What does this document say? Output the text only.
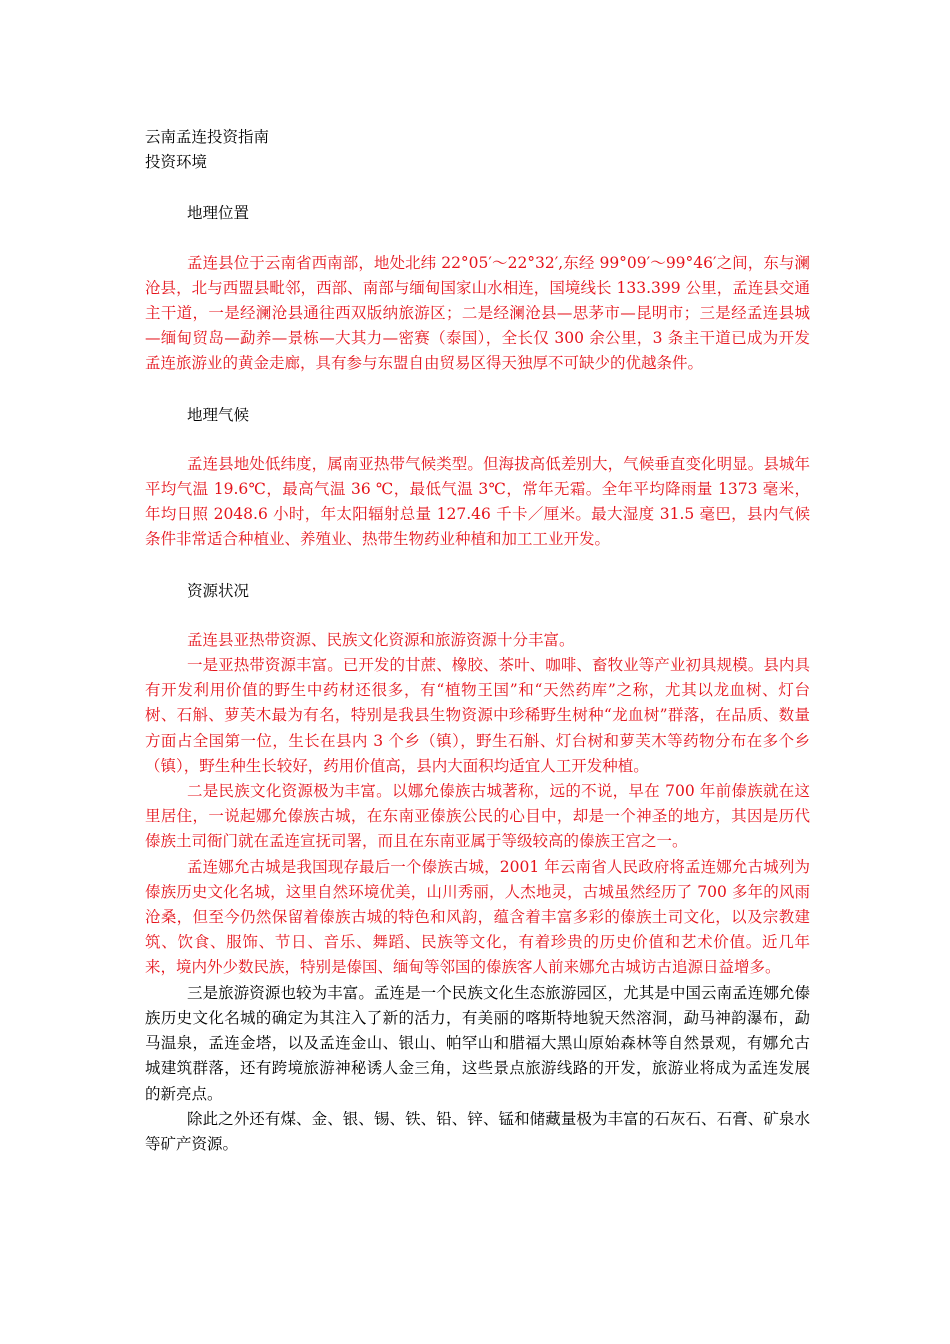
云南孟连投资指南
投资环境
地理位置

孟连县位于云南省西南部，地处北纬 22°05′～22°32′,东经 99°09′～99°46′之间，东与澜沧县，北与西盟县毗邻，西部、南部与缅甸国家山水相连，国境线长 133.399 公里，孟连县交通主干道，一是经澜沧县通往西双版纳旅游区；二是经澜沧县—思茅市—昆明市；三是经孟连县城—缅甸贸岛—勐养—景栋—大其力—密赛（泰国），全长仅 300 余公里，3 条主干道已成为开发孟连旅游业的黄金走廊，具有参与东盟自由贸易区得天独厚不可缺少的优越条件。

地理气候

孟连县地处低纬度，属南亚热带气候类型。但海拔高低差别大，气候垂直变化明显。县城年平均气温 19.6℃，最高气温 36 ℃，最低气温 3℃，常年无霜。全年平均降雨量 1373 毫米，年均日照 2048.6 小时，年太阳辐射总量 127.46 千卡／厘米。最大湿度 31.5 毫巴，县内气候条件非常适合种植业、养殖业、热带生物药业种植和加工工业开发。

资源状况

孟连县亚热带资源、民族文化资源和旅游资源十分丰富。

一是亚热带资源丰富。已开发的甘蔗、橡胶、茶叶、咖啡、畜牧业等产业初具规模。县内具有开发利用价值的野生中药材还很多，有“植物王国”和“天然药库”之称，尤其以龙血树、灯台树、石斛、萝芙木最为有名，特别是我县生物资源中珍稀野生树种“龙血树”群落，在品质、数量方面占全国第一位，生长在县内 3 个乡（镇），野生石斛、灯台树和萝芙木等药物分布在多个乡（镇），野生种生长较好，药用价值高，县内大面积均适宜人工开发种植。

二是民族文化资源极为丰富。以娜允傣族古城著称，远的不说，早在 700 年前傣族就在这里居住，一说起娜允傣族古城，在东南亚傣族公民的心目中，却是一个神圣的地方，其因是历代傣族土司衙门就在孟连宣抚司署，而且在东南亚属于等级较高的傣族王宫之一。

孟连娜允古城是我国现存最后一个傣族古城，2001 年云南省人民政府将孟连娜允古城列为傣族历史文化名城，这里自然环境优美，山川秀丽，人杰地灵，古城虽然经历了 700 多年的风雨沧桑，但至今仍然保留着傣族古城的特色和风韵，蕴含着丰富多彩的傣族土司文化，以及宗教建筑、饮食、服饰、节日、音乐、舞蹈、民族等文化，有着珍贵的历史价值和艺术价值。近几年来，境内外少数民族，特别是傣国、缅甸等邻国的傣族客人前来娜允古城访古追源日益增多。

三是旅游资源也较为丰富。孟连是一个民族文化生态旅游园区，尤其是中国云南孟连娜允傣族历史文化名城的确定为其注入了新的活力，有美丽的喀斯特地貌天然溶洞，勐马神韵瀑布，勐马温泉，孟连金塔，以及孟连金山、银山、帕罕山和腊福大黑山原始森林等自然景观，有娜允古城建筑群落，还有跨境旅游神秘诱人金三角，这些景点旅游线路的开发，旅游业将成为孟连发展的新亮点。

除此之外还有煤、金、银、锡、铁、铅、锌、锰和储藏量极为丰富的石灰石、石膏、矿泉水等矿产资源。
